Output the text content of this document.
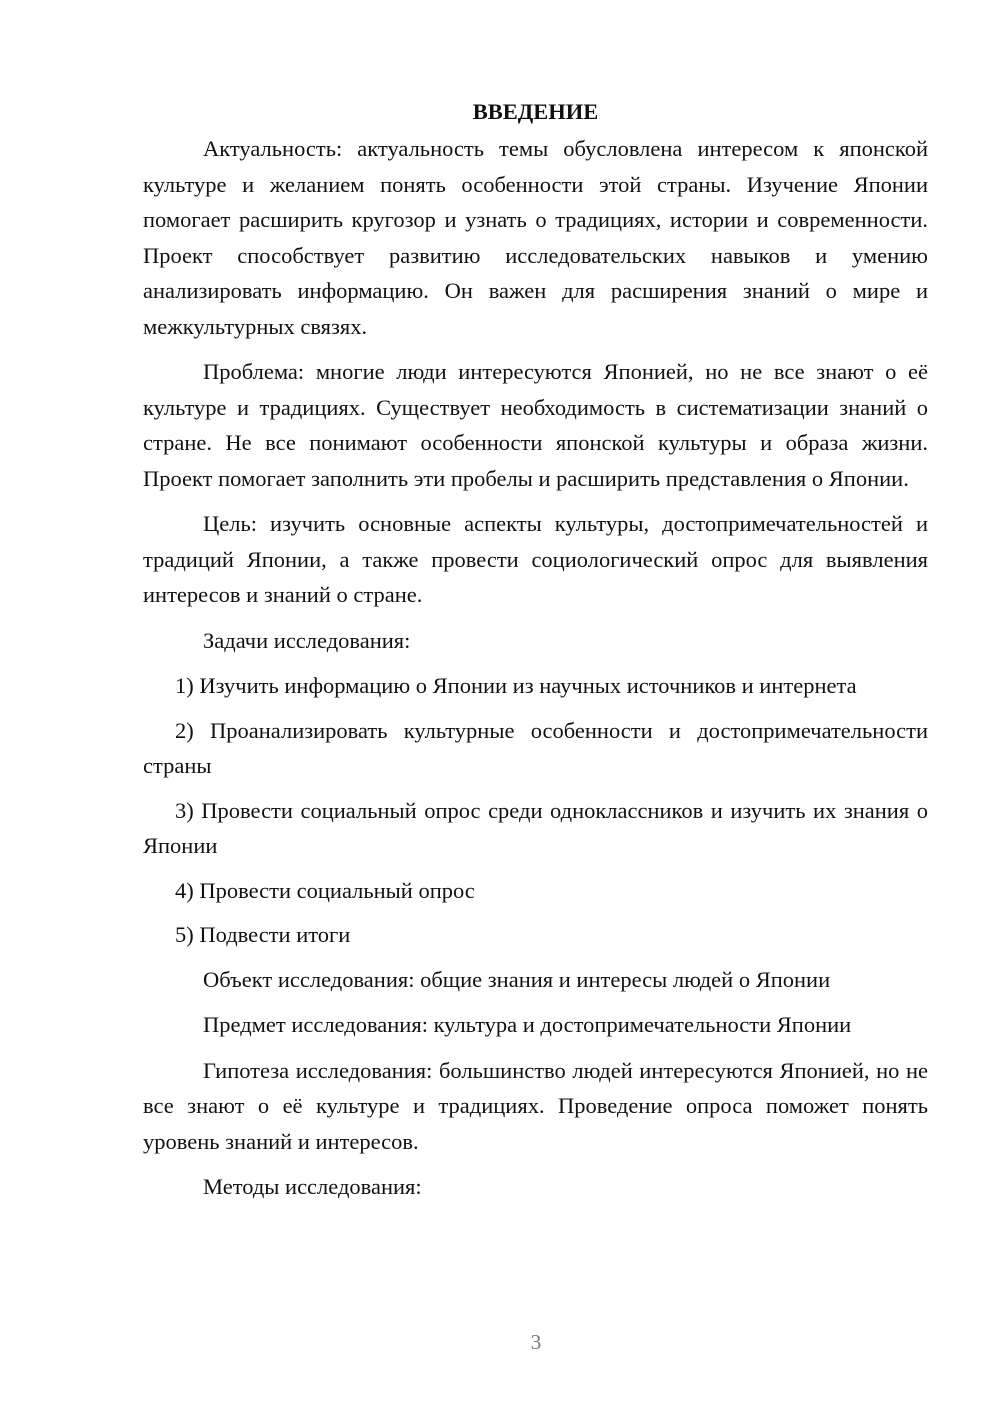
ВВЕДЕНИЕ

Актуальность: актуальность темы обусловлена интересом к японской культуре и желанием понять особенности этой страны. Изучение Японии помогает расширить кругозор и узнать о традициях, истории и современности. Проект способствует развитию исследовательских навыков и умению анализировать информацию. Он важен для расширения знаний о мире и межкультурных связях.

Проблема: многие люди интересуются Японией, но не все знают о её культуре и традициях. Существует необходимость в систематизации знаний о стране. Не все понимают особенности японской культуры и образа жизни. Проект помогает заполнить эти пробелы и расширить представления о Японии.

Цель: изучить основные аспекты культуры, достопримечательностей и традиций Японии, а также провести социологический опрос для выявления интересов и знаний о стране.

Задачи исследования:

1) Изучить информацию о Японии из научных источников и интернета

2) Проанализировать культурные особенности и достопримечательности страны

3) Провести социальный опрос среди одноклассников и изучить их знания о Японии

4) Провести социальный опрос

5) Подвести итоги

Объект исследования: общие знания и интересы людей о Японии

Предмет исследования: культура и достопримечательности Японии

Гипотеза исследования: большинство людей интересуются Японией, но не все знают о её культуре и традициях. Проведение опроса поможет понять уровень знаний и интересов.

Методы исследования:

3
